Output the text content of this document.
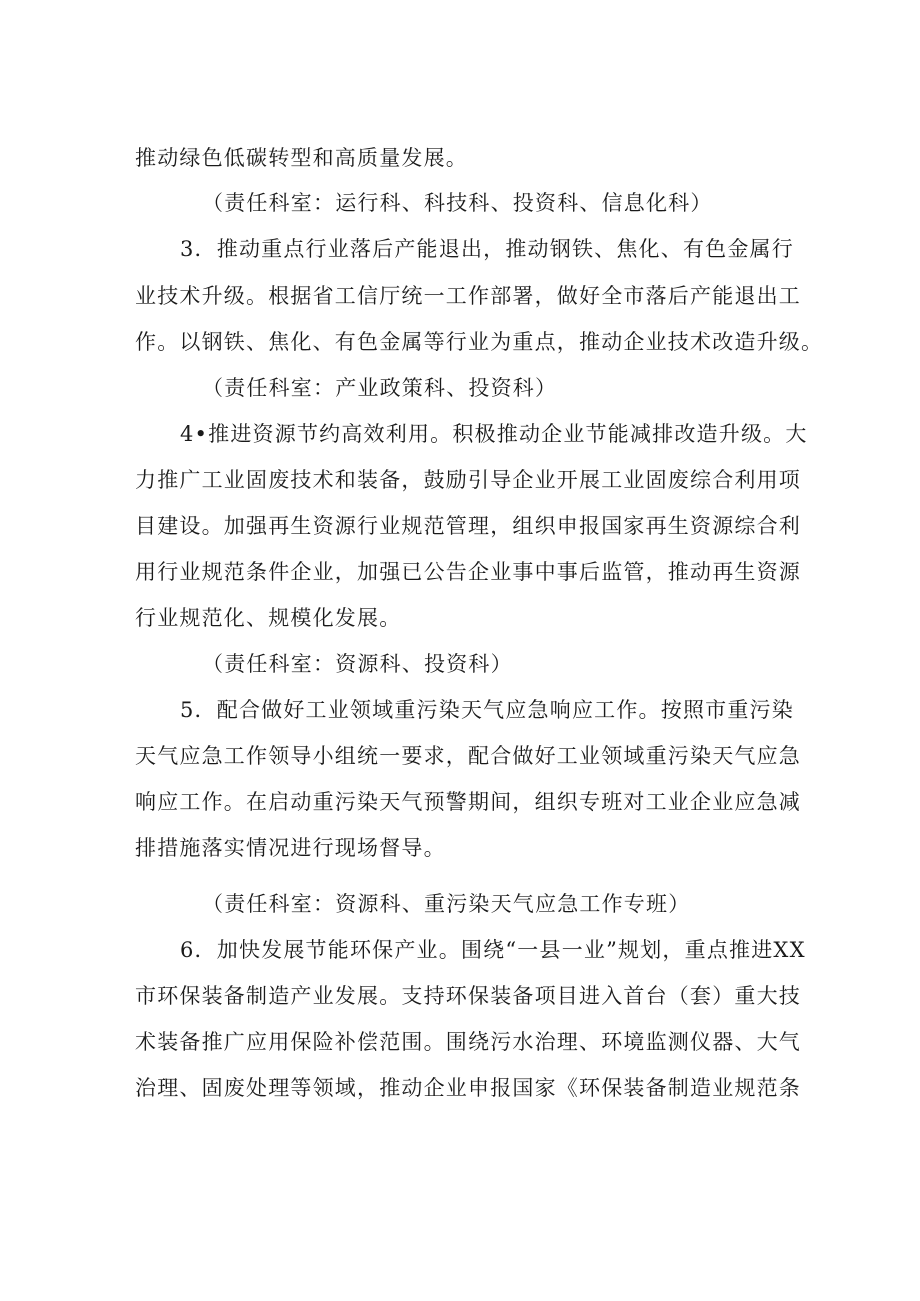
推动绿色低碳转型和高质量发展。
（责任科室：运行科、科技科、投资科、信息化科）
3．推动重点行业落后产能退出，推动钢铁、焦化、有色金属行
业技术升级。根据省工信厅统一工作部署，做好全市落后产能退出工
作。以钢铁、焦化、有色金属等行业为重点，推动企业技术改造升级。
（责任科室：产业政策科、投资科）
4•推进资源节约高效利用。积极推动企业节能减排改造升级。大
力推广工业固废技术和装备，鼓励引导企业开展工业固废综合利用项
目建设。加强再生资源行业规范管理，组织申报国家再生资源综合利
用行业规范条件企业，加强已公告企业事中事后监管，推动再生资源
行业规范化、规模化发展。
（责任科室：资源科、投资科）
5．配合做好工业领域重污染天气应急响应工作。按照市重污染
天气应急工作领导小组统一要求，配合做好工业领域重污染天气应急
响应工作。在启动重污染天气预警期间，组织专班对工业企业应急减
排措施落实情况进行现场督导。
（责任科室：资源科、重污染天气应急工作专班）
6．加快发展节能环保产业。围绕“一县一业”规划，重点推进XX
市环保装备制造产业发展。支持环保装备项目进入首台（套）重大技
术装备推广应用保险补偿范围。围绕污水治理、环境监测仪器、大气
治理、固废处理等领域，推动企业申报国家《环保装备制造业规范条
